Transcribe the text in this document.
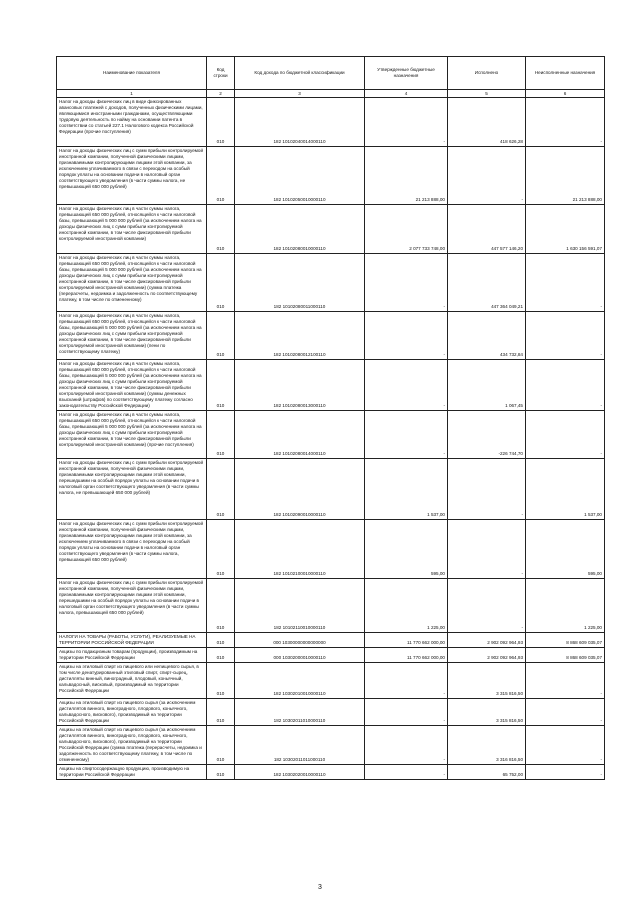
Наименование показателя	Код строки	Код дохода по бюджетной классификации	Утвержденные бюджетные назначения	Исполнено	Неисполненные назначения
1	2	3	4	5	6
Налог на доходы физических лиц в виде фиксированных авансовых платежей с доходов, полученных физическими лицами, являющимися иностранными гражданами, осуществляющими трудовую деятельность по найму на основании патента в соответствии со статьей 227.1 Налогового кодекса Российской Федерации (прочие поступления)	010	182 10102040014000110	-	418 626,28	-
Налог на доходы физических лиц с сумм прибыли контролируемой иностранной компании, полученной физическими лицами, признаваемыми контролирующими лицами этой компании, за исключением уплачиваемого в связи с переходом на особый порядок уплаты на основании подачи в налоговый орган соответствующего уведомления (в части суммы налога, не превышающей 650 000 рублей)	010	182 10102050010000110	21 213 888,00	-	21 213 888,00
Налог на доходы физических лиц в части суммы налога, превышающей 650 000 рублей, относящейся к части налоговой базы, превышающей 5 000 000 рублей (за исключением налога на доходы физических лиц с сумм прибыли контролируемой иностранной компании, в том числе фиксированной прибыли контролируемой иностранной компании)	010	182 10102080010000110	2 077 733 748,00	447 577 146,20	1 630 156 591,07
Налог на доходы физических лиц в части суммы налога, превышающей 650 000 рублей, относящейся к части налоговой базы, превышающей 5 000 000 рублей (за исключением налога на доходы физических лиц с сумм прибыли контролируемой иностранной компании, в том числе фиксированной прибыли контролируемой иностранной компании) (сумма платежа (перерасчеты, недоимка и задолженность по соответствующему платежу, в том числе по отмененному)	010	182 10102080011000110	-	447 364 049,21	-
Налог на доходы физических лиц в части суммы налога, превышающей 650 000 рублей, относящейся к части налоговой базы, превышающей 5 000 000 рублей (за исключением налога на доходы физических лиц с сумм прибыли контролируемой иностранной компании, в том числе фиксированной прибыли контролируемой иностранной компании) (пени по соответствующему платежу)	010	182 10102080012100110	-	434 732,84	-
Налог на доходы физических лиц в части суммы налога, превышающей 650 000 рублей, относящейся к части налоговой базы, превышающей 5 000 000 рублей (за исключением налога на доходы физических лиц с сумм прибыли контролируемой иностранной компании, в том числе фиксированной прибыли контролируемой иностранной компании) (суммы денежных взысканий (штрафов) по соответствующему платежу согласно законодательству Российской Федерации)	010	182 10102080013000110	-	1 067,45	-
Налог на доходы физических лиц в части суммы налога, превышающей 650 000 рублей, относящейся к части налоговой базы, превышающей 5 000 000 рублей (за исключением налога на доходы физических лиц с сумм прибыли контролируемой иностранной компании, в том числе фиксированной прибыли контролируемой иностранной компании) (прочие поступления)	010	182 10102080014000110	-	-226 744,70	-
Налог на доходы физических лиц с сумм прибыли контролируемой иностранной компании, полученной физическими лицами, признаваемыми контролирующими лицами этой компании, перешедшими на особый порядок уплаты на основании подачи в налоговый орган соответствующего уведомления (в части суммы налога, не превышающей 650 000 рублей)	010	182 10102090010000110	1 537,00	-	1 537,00
Налог на доходы физических лиц с сумм прибыли контролируемой иностранной компании, полученной физическими лицами, признаваемыми контролирующими лицами этой компании, за исключением уплачиваемого в связи с переходом на особый порядок уплаты на основании подачи в налоговый орган соответствующего уведомления (в части суммы налога, превышающей 650 000 рублей)	010	182 10102100010000110	595,00	-	595,00
Налог на доходы физических лиц с сумм прибыли контролируемой иностранной компании, полученной физическими лицами, признаваемыми контролирующими лицами этой компании, перешедшими на особый порядок уплаты на основании подачи в налоговый орган соответствующего уведомления (в части суммы налога, превышающей 650 000 рублей)	010	182 10102110010000110	1 225,00	-	1 225,00
НАЛОГИ НА ТОВАРЫ (РАБОТЫ, УСЛУГИ), РЕАЛИЗУЕМЫЕ НА ТЕРРИТОРИИ РОССИЙСКОЙ ФЕДЕРАЦИИ	010	000 10300000000000000	11 770 662 000,00	2 902 092 964,93	8 868 609 035,07
Акцизы по подакцизным товарам (продукции), производимым на территории Российской Федерации	010	000 10302000010000110	11 770 662 000,00	2 902 092 964,93	8 868 609 035,07
Акцизы на этиловый спирт из пищевого или непищевого сырья, в том числе денатурированный этиловый спирт, спирт-сырец, дистилляты винный, виноградный, плодовый, коньячный, кальвадосный, висковый, производимый на территории Российской Федерации	010	182 10302010010000110	-	3 315 816,50	-
Акцизы на этиловый спирт из пищевого сырья (за исключением дистиллятов винного, виноградного, плодового, коньячного, кальвадосного, вискового), производимый на территории Российской Федерации	010	182 10302011010000110	-	3 315 816,50	-
Акцизы на этиловый спирт из пищевого сырья (за исключением дистиллятов винного, виноградного, плодового, коньячного, кальвадосного, вискового), производимый на территории Российской Федерации (сумма платежа (перерасчеты, недоимка и задолженность по соответствующему платежу, в том числе по отмененному)	010	182 10302011011000110	-	3 316 816,50	-
Акцизы на спиртосодержащую продукцию, производимую на территории Российской Федерации	010	182 10302020010000110	-	65 752,00	-
3
